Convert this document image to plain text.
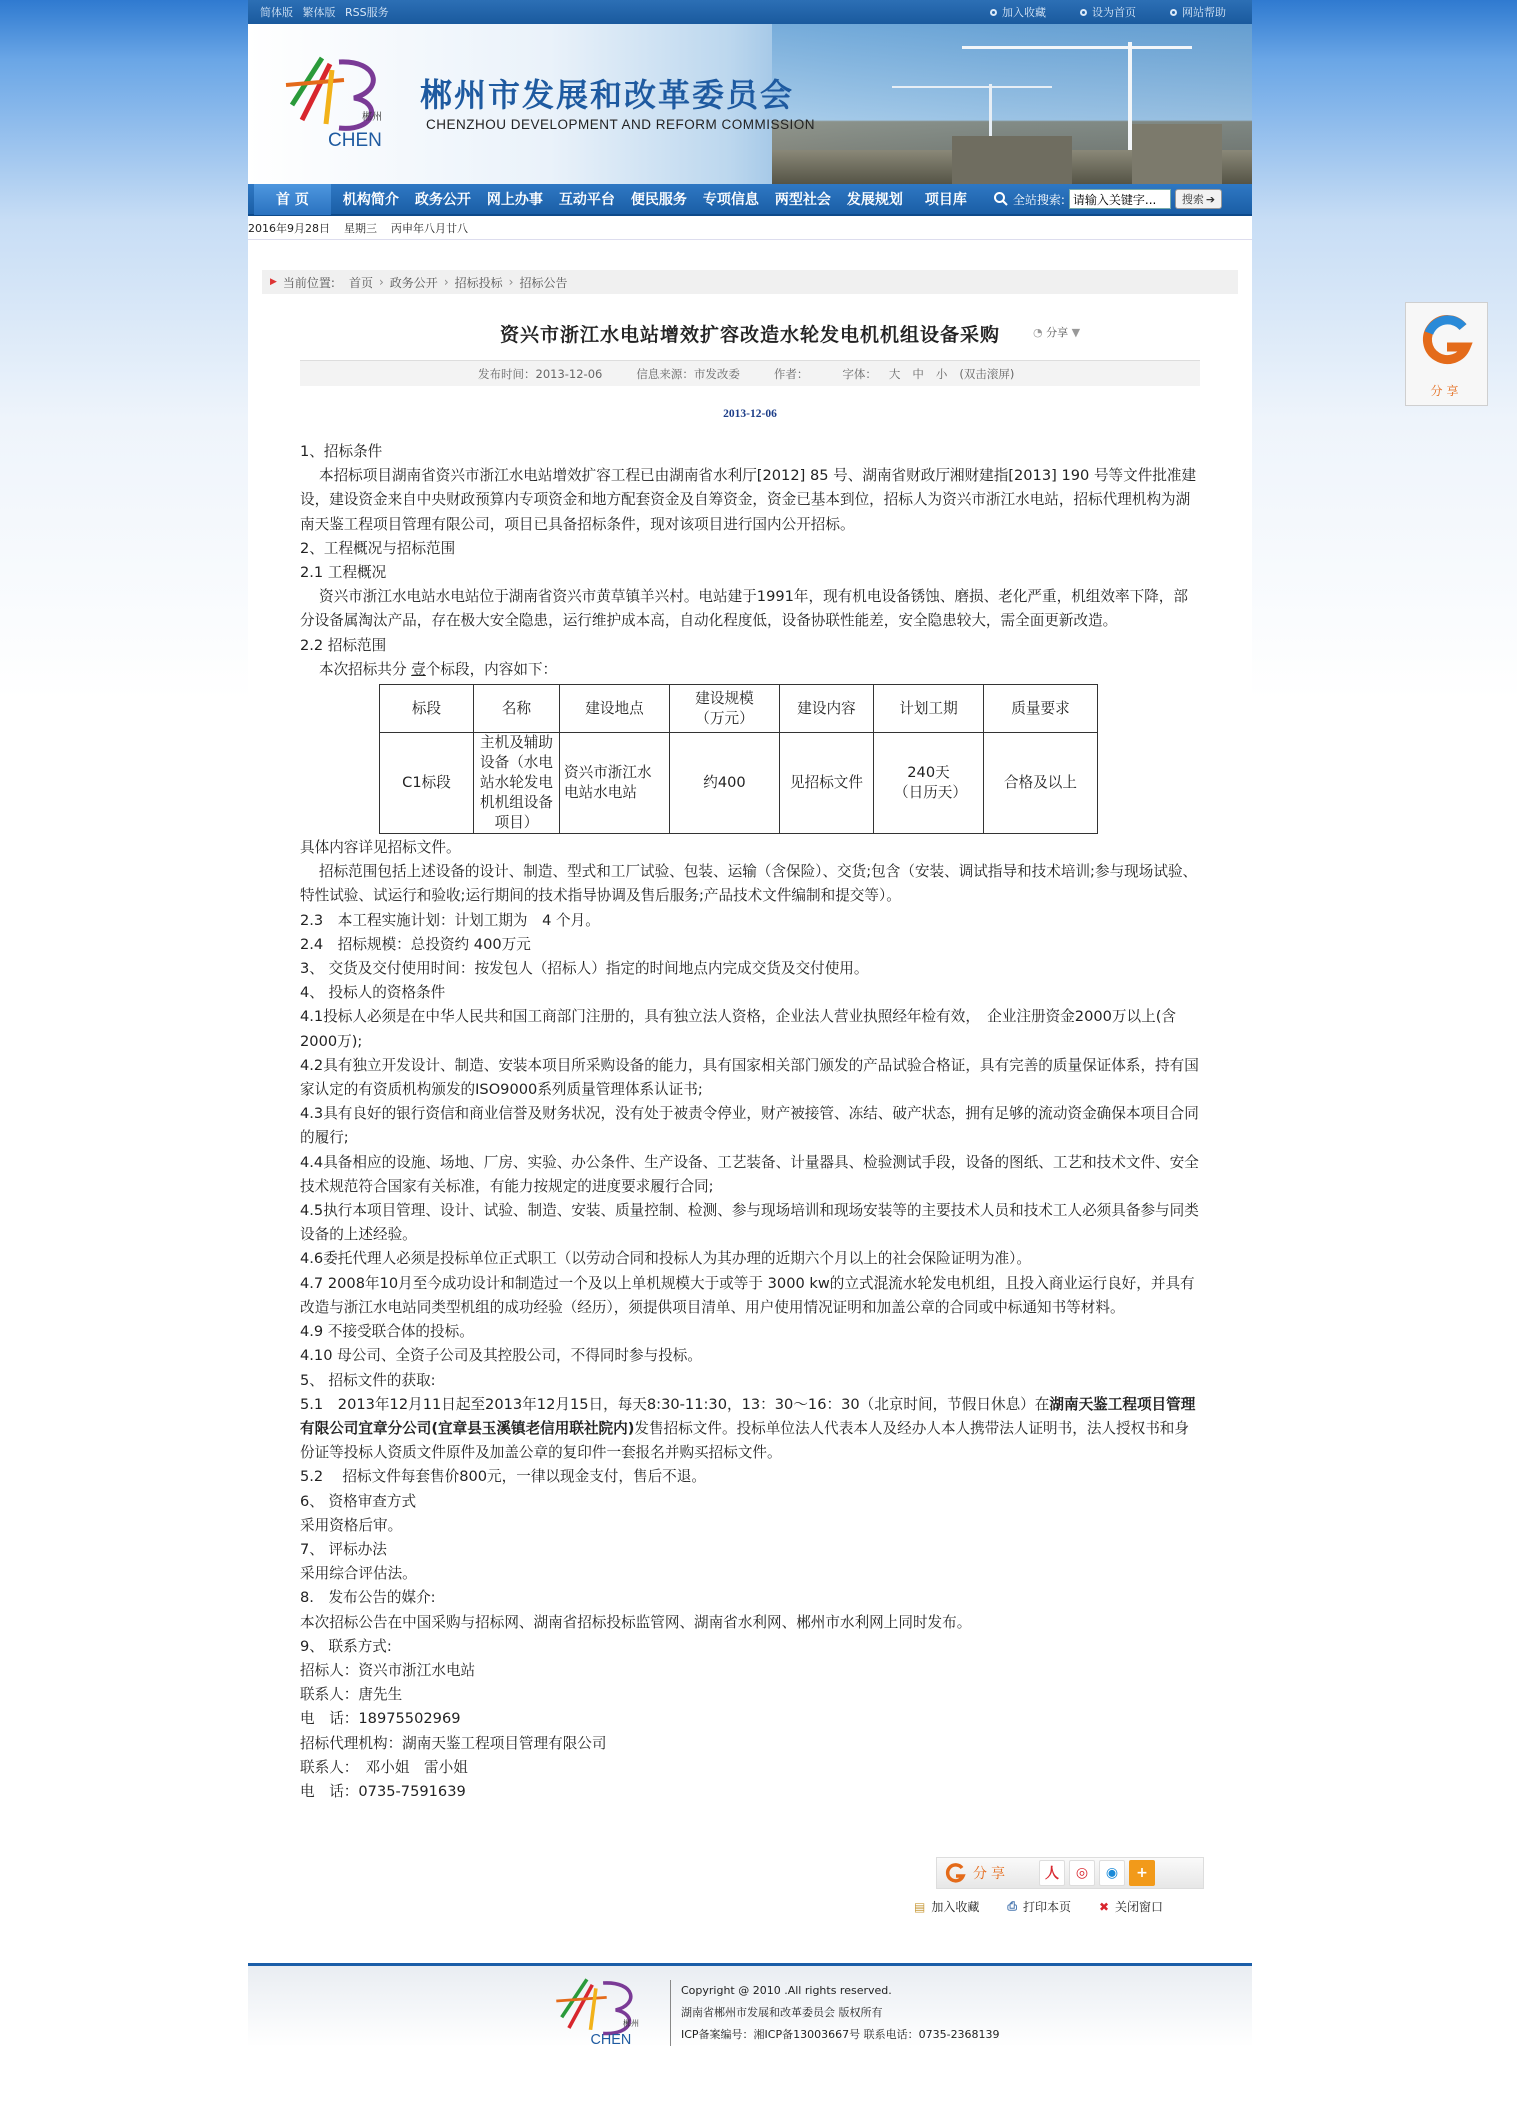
简体版 繁体版 RSS服务	加入收藏	设为首页	网站帮助
郴州
CHEN
郴州市发展和改革委员会
CHENZHOU DEVELOPMENT AND REFORM COMMISSION
首 页	机构简介	政务公开	网上办事	互动平台	便民服务	专项信息	两型社会	发展规划	项目库	全站搜索:
请输入关键字...	搜索 ➔
2016年9月28日 星期三 丙申年八月廿八
▶ 当前位置: 首页 › 政务公开 › 招标投标 › 招标公告
资兴市浙江水电站增效扩容改造水轮发电机机组设备采购	◔ 分享 ▼
发布时间：2013-12-06	信息来源：市发改委	作者：	字体： 大 中 小 (双击滚屏)
2013-12-06

1、招标条件

本招标项目湖南省资兴市浙江水电站增效扩容工程已由湖南省水利厅[2012] 85 号、湖南省财政厅湘财建指[2013] 190 号等文件批准建设，建设资金来自中央财政预算内专项资金和地方配套资金及自筹资金，资金已基本到位，招标人为资兴市浙江水电站，招标代理机构为湖南天鉴工程项目管理有限公司，项目已具备招标条件，现对该项目进行国内公开招标。

2、工程概况与招标范围

2.1 工程概况

资兴市浙江水电站水电站位于湖南省资兴市黄草镇羊兴村。电站建于1991年，现有机电设备锈蚀、磨损、老化严重，机组效率下降，部分设备属淘汰产品，存在极大安全隐患，运行维护成本高，自动化程度低，设备协联性能差，安全隐患较大，需全面更新改造。

2.2 招标范围

本次招标共分 壹个标段，内容如下：

标段	名称	建设地点	建设规模（万元）	建设内容	计划工期	质量要求
C1标段	主机及辅助设备（水电站水轮发电机机组设备项目）	资兴市浙江水电站水电站	约400	见招标文件	240天（日历天）	合格及以上

具体内容详见招标文件。

招标范围包括上述设备的设计、制造、型式和工厂试验、包装、运输（含保险）、交货;包含（安装、调试指导和技术培训;参与现场试验、特性试验、试运行和验收;运行期间的技术指导协调及售后服务;产品技术文件编制和提交等）。

2.3　本工程实施计划：计划工期为　4 个月。

2.4　招标规模：总投资约 400万元

3、 交货及交付使用时间：按发包人（招标人）指定的时间地点内完成交货及交付使用。

4、 投标人的资格条件

4.1投标人必须是在中华人民共和国工商部门注册的，具有独立法人资格，企业法人营业执照经年检有效，　企业注册资金2000万以上(含2000万);

4.2具有独立开发设计、制造、安装本项目所采购设备的能力，具有国家相关部门颁发的产品试验合格证，具有完善的质量保证体系，持有国家认定的有资质机构颁发的ISO9000系列质量管理体系认证书;

4.3具有良好的银行资信和商业信誉及财务状况，没有处于被责令停业，财产被接管、冻结、破产状态，拥有足够的流动资金确保本项目合同的履行;

4.4具备相应的设施、场地、厂房、实验、办公条件、生产设备、工艺装备、计量器具、检验测试手段，设备的图纸、工艺和技术文件、安全技术规范符合国家有关标准，有能力按规定的进度要求履行合同;

4.5执行本项目管理、设计、试验、制造、安装、质量控制、检测、参与现场培训和现场安装等的主要技术人员和技术工人必须具备参与同类设备的上述经验。

4.6委托代理人必须是投标单位正式职工（以劳动合同和投标人为其办理的近期六个月以上的社会保险证明为准）。

4.7 2008年10月至今成功设计和制造过一个及以上单机规模大于或等于 3000 kw的立式混流水轮发电机组，且投入商业运行良好，并具有改造与浙江水电站同类型机组的成功经验（经历），须提供项目清单、用户使用情况证明和加盖公章的合同或中标通知书等材料。

4.9 不接受联合体的投标。

4.10 母公司、全资子公司及其控股公司，不得同时参与投标。

5、 招标文件的获取:

5.1　2013年12月11日起至2013年12月15日，每天8:30-11:30，13：30～16：30（北京时间，节假日休息）在湖南天鉴工程项目管理有限公司宜章分公司(宜章县玉溪镇老信用联社院内)发售招标文件。投标单位法人代表本人及经办人本人携带法人证明书，法人授权书和身份证等投标人资质文件原件及加盖公章的复印件一套报名并购买招标文件。

5.2　 招标文件每套售价800元，一律以现金支付，售后不退。

6、 资格审查方式

采用资格后审。

7、 评标办法

采用综合评估法。

8.　发布公告的媒介:

本次招标公告在中国采购与招标网、湖南省招标投标监管网、湖南省水利网、郴州市水利网上同时发布。

9、 联系方式:

招标人：资兴市浙江水电站

联系人：唐先生

电　话：18975502969

招标代理机构：湖南天鉴工程项目管理有限公司

联系人：　邓小姐　雷小姐

电　话：0735-7591639

分享	人	◎	◉	+
▤ 加入收藏 ⎙ 打印本页 ✖ 关闭窗口
郴州
CHEN
Copyright @ 2010 .All rights reserved.
湖南省郴州市发展和改革委员会 版权所有
ICP备案编号：湘ICP备13003667号 联系电话：0735-2368139
分享
